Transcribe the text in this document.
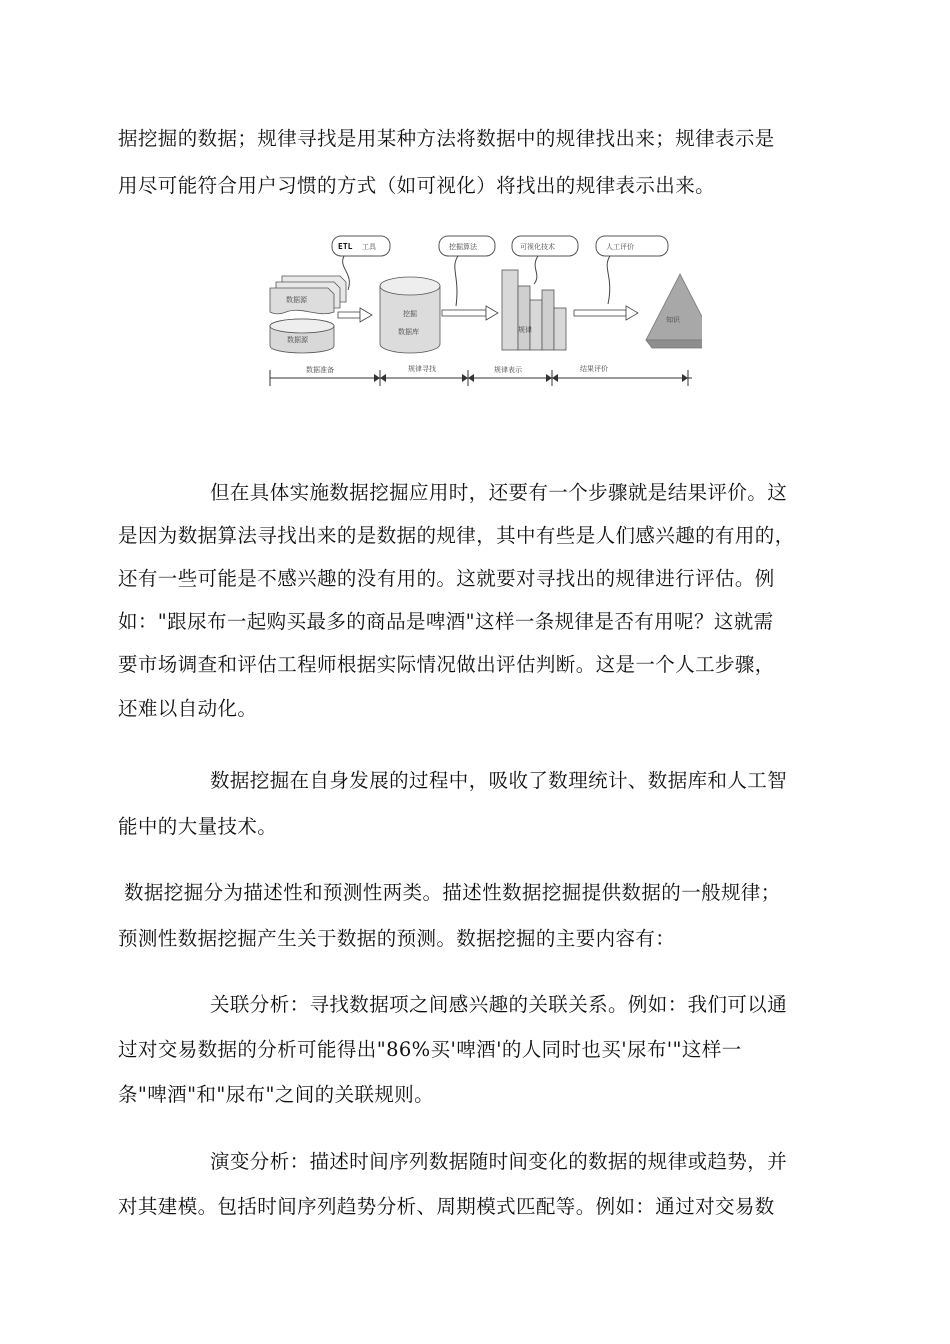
据挖掘的数据；规律寻找是用某种方法将数据中的规律找出来；规律表示是
用尽可能符合用户习惯的方式（如可视化）将找出的规律表示出来。
ETL 工具	挖掘算法	可视化技术	人工评价
数据源
数据源
挖掘
数据库	规律
知识
数据准备	规律寻找	规律表示	结果评价
但在具体实施数据挖掘应用时，还要有一个步骤就是结果评价。这
是因为数据算法寻找出来的是数据的规律，其中有些是人们感兴趣的有用的，
还有一些可能是不感兴趣的没有用的。这就要对寻找出的规律进行评估。例
如："跟尿布一起购买最多的商品是啤酒"这样一条规律是否有用呢？这就需
要市场调查和评估工程师根据实际情况做出评估判断。这是一个人工步骤，
还难以自动化。
数据挖掘在自身发展的过程中，吸收了数理统计、数据库和人工智
能中的大量技术。
数据挖掘分为描述性和预测性两类。描述性数据挖掘提供数据的一般规律；
预测性数据挖掘产生关于数据的预测。数据挖掘的主要内容有：
关联分析：寻找数据项之间感兴趣的关联关系。例如：我们可以通
过对交易数据的分析可能得出"86%买'啤酒'的人同时也买'尿布'"这样一
条"啤酒"和"尿布"之间的关联规则。
演变分析：描述时间序列数据随时间变化的数据的规律或趋势，并
对其建模。包括时间序列趋势分析、周期模式匹配等。例如：通过对交易数
